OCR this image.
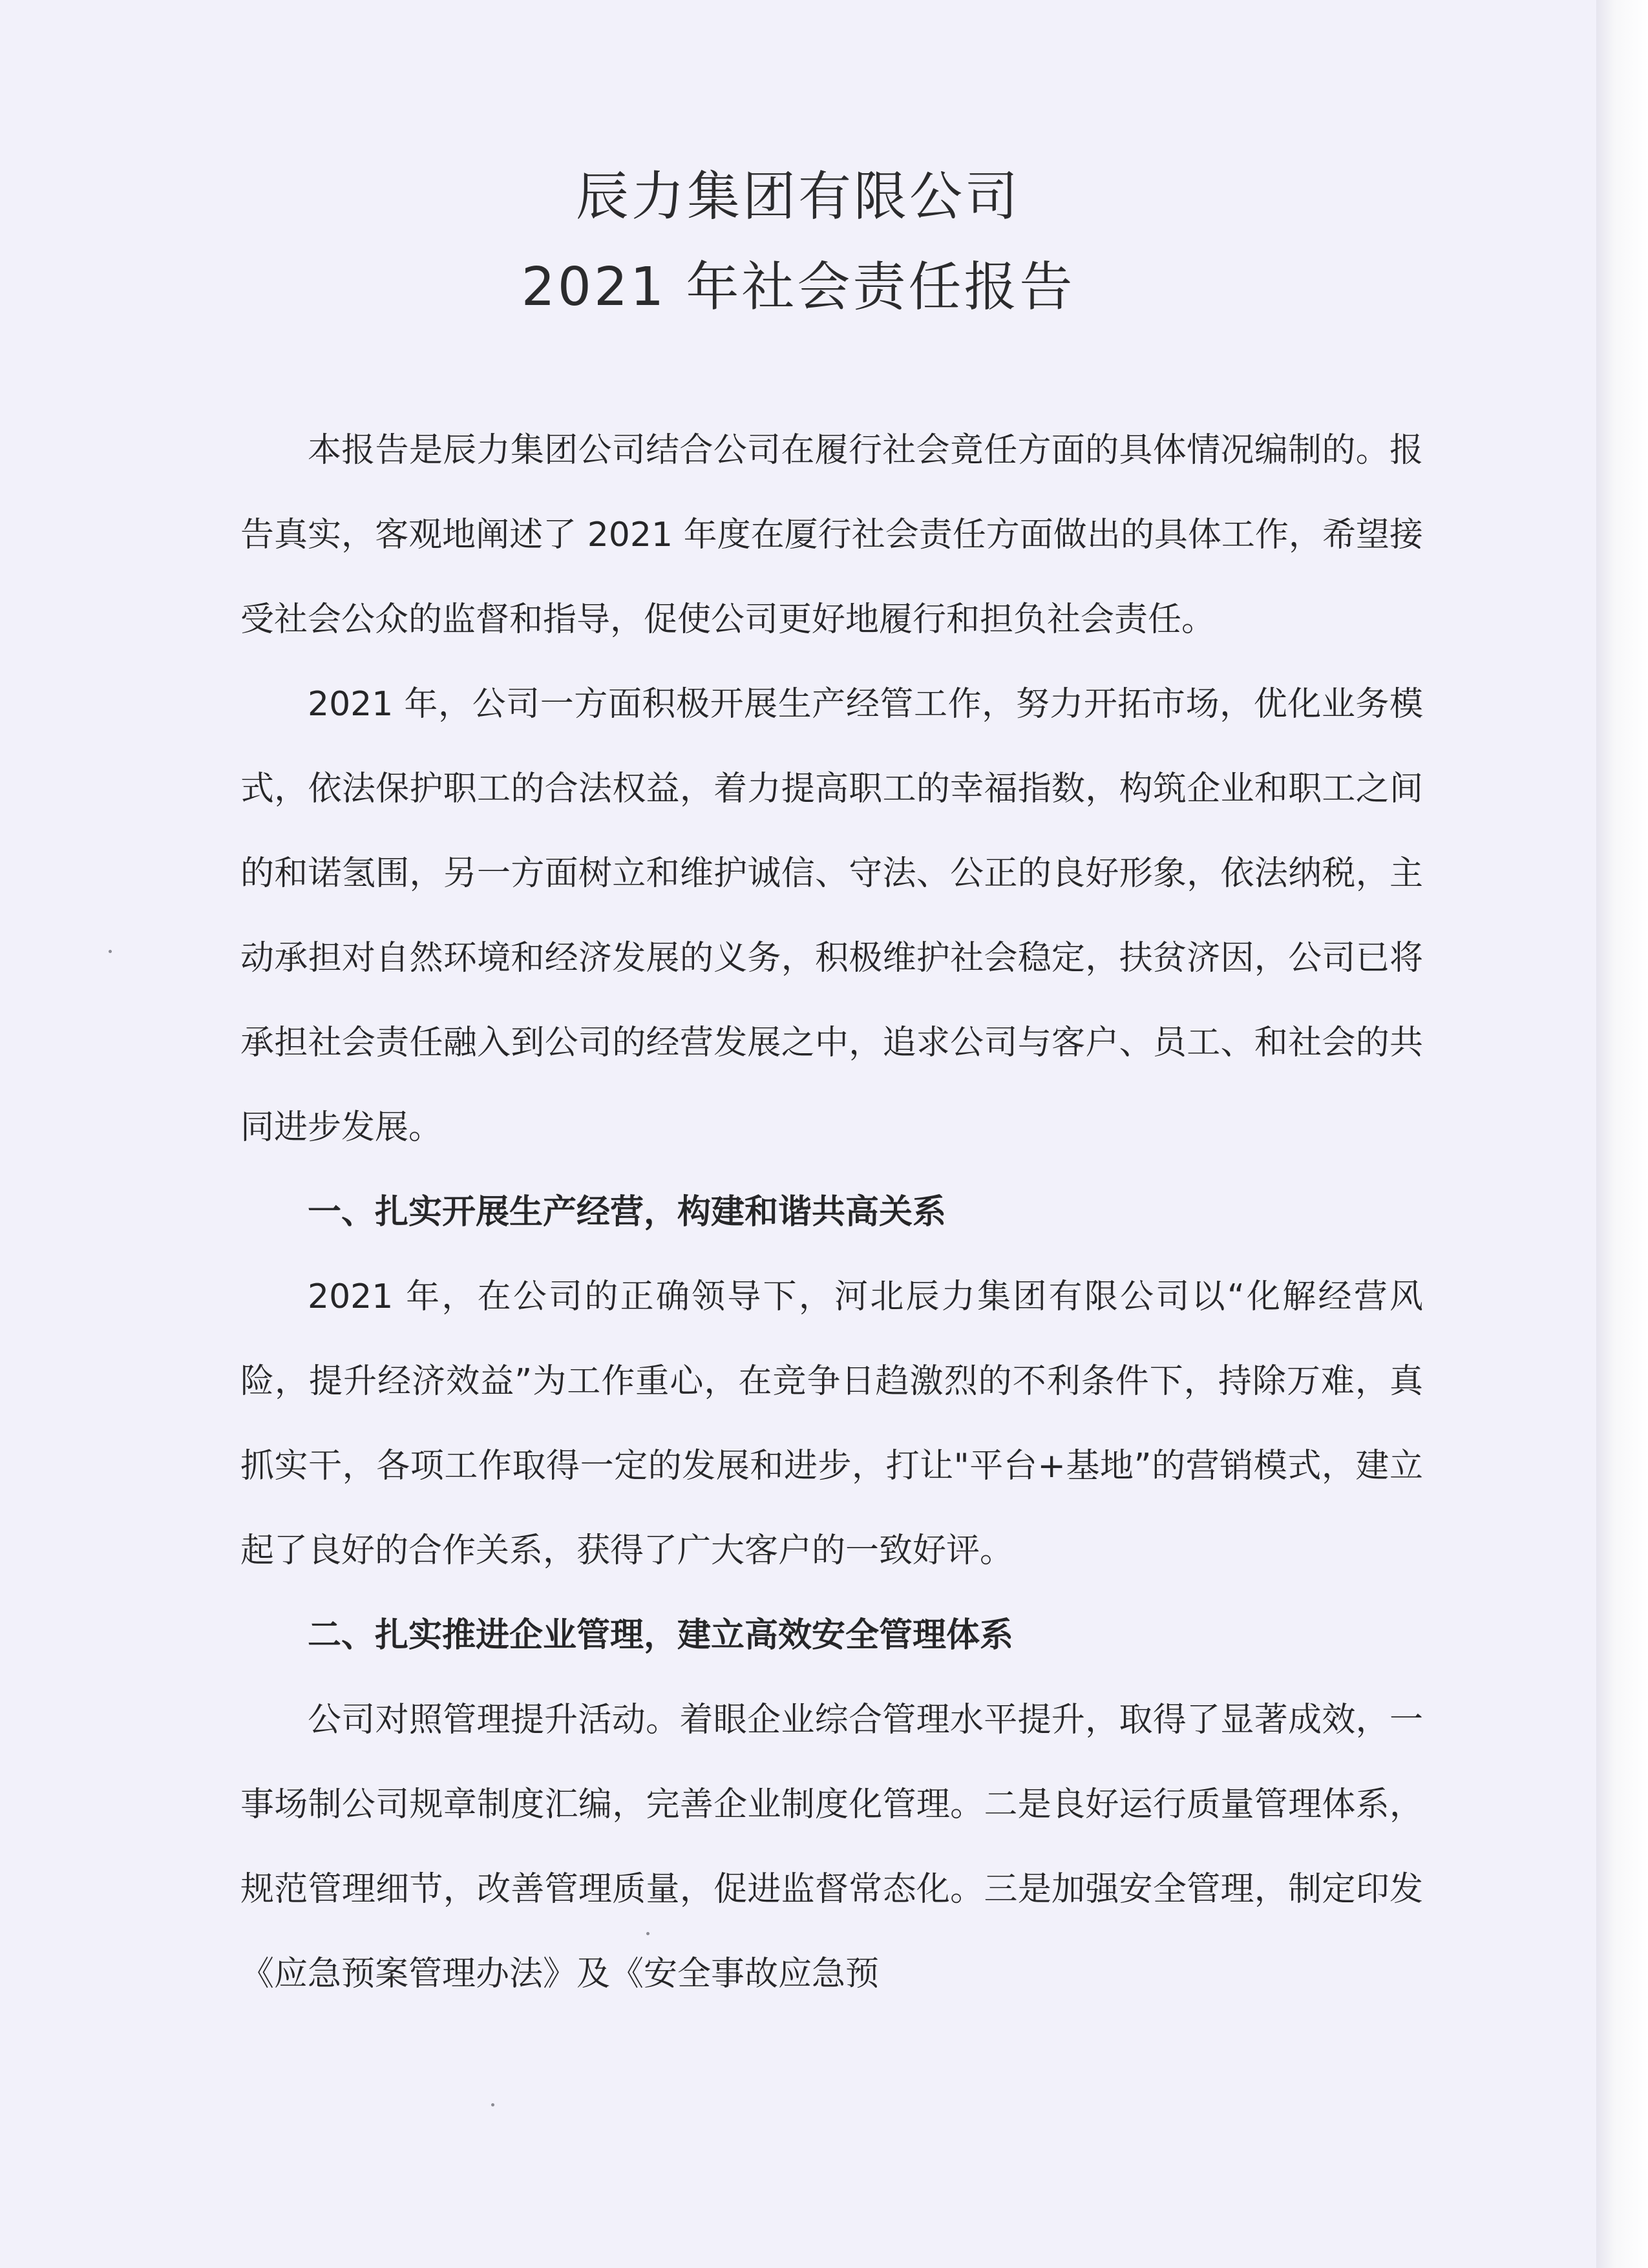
辰力集团有限公司
2021 年社会责任报告

本报告是辰力集团公司结合公司在履行社会竟任方面的具体情况编制的。报告真实，客观地阐述了 2021 年度在厦行社会责任方面做出的具体工作，希望接受社会公众的监督和指导，促使公司更好地履行和担负社会责任。

2021 年，公司一方面积极开展生产经管工作，努力开拓市场，优化业务模式，依法保护职工的合法权益，着力提高职工的幸福指数，构筑企业和职工之间的和诺氢围，另一方面树立和维护诚信、守法、公正的良好形象，依法纳税，主动承担对自然环境和经济发展的义务，积极维护社会稳定，扶贫济因，公司已将承担社会责任融入到公司的经营发展之中，追求公司与客户、员工、和社会的共同进步发展。

一、扎实开展生产经营，构建和谐共高关系

2021 年，在公司的正确领导下，河北辰力集团有限公司以“化解经营风险，提升经济效益”为工作重心，在竞争日趋激烈的不利条件下，持除万难，真抓实干，各项工作取得一定的发展和进步，打让"平台+基地”的营销模式，建立起了良好的合作关系，获得了广大客户的一致好评。

二、扎实推进企业管理，建立高效安全管理体系

公司对照管理提升活动。着眼企业综合管理水平提升，取得了显著成效，一事场制公司规章制度汇编，完善企业制度化管理。二是良好运行质量管理体系，规范管理细节，改善管理质量，促进监督常态化。三是加强安全管理，制定印发《应急预案管理办法》及《安全事故应急预
